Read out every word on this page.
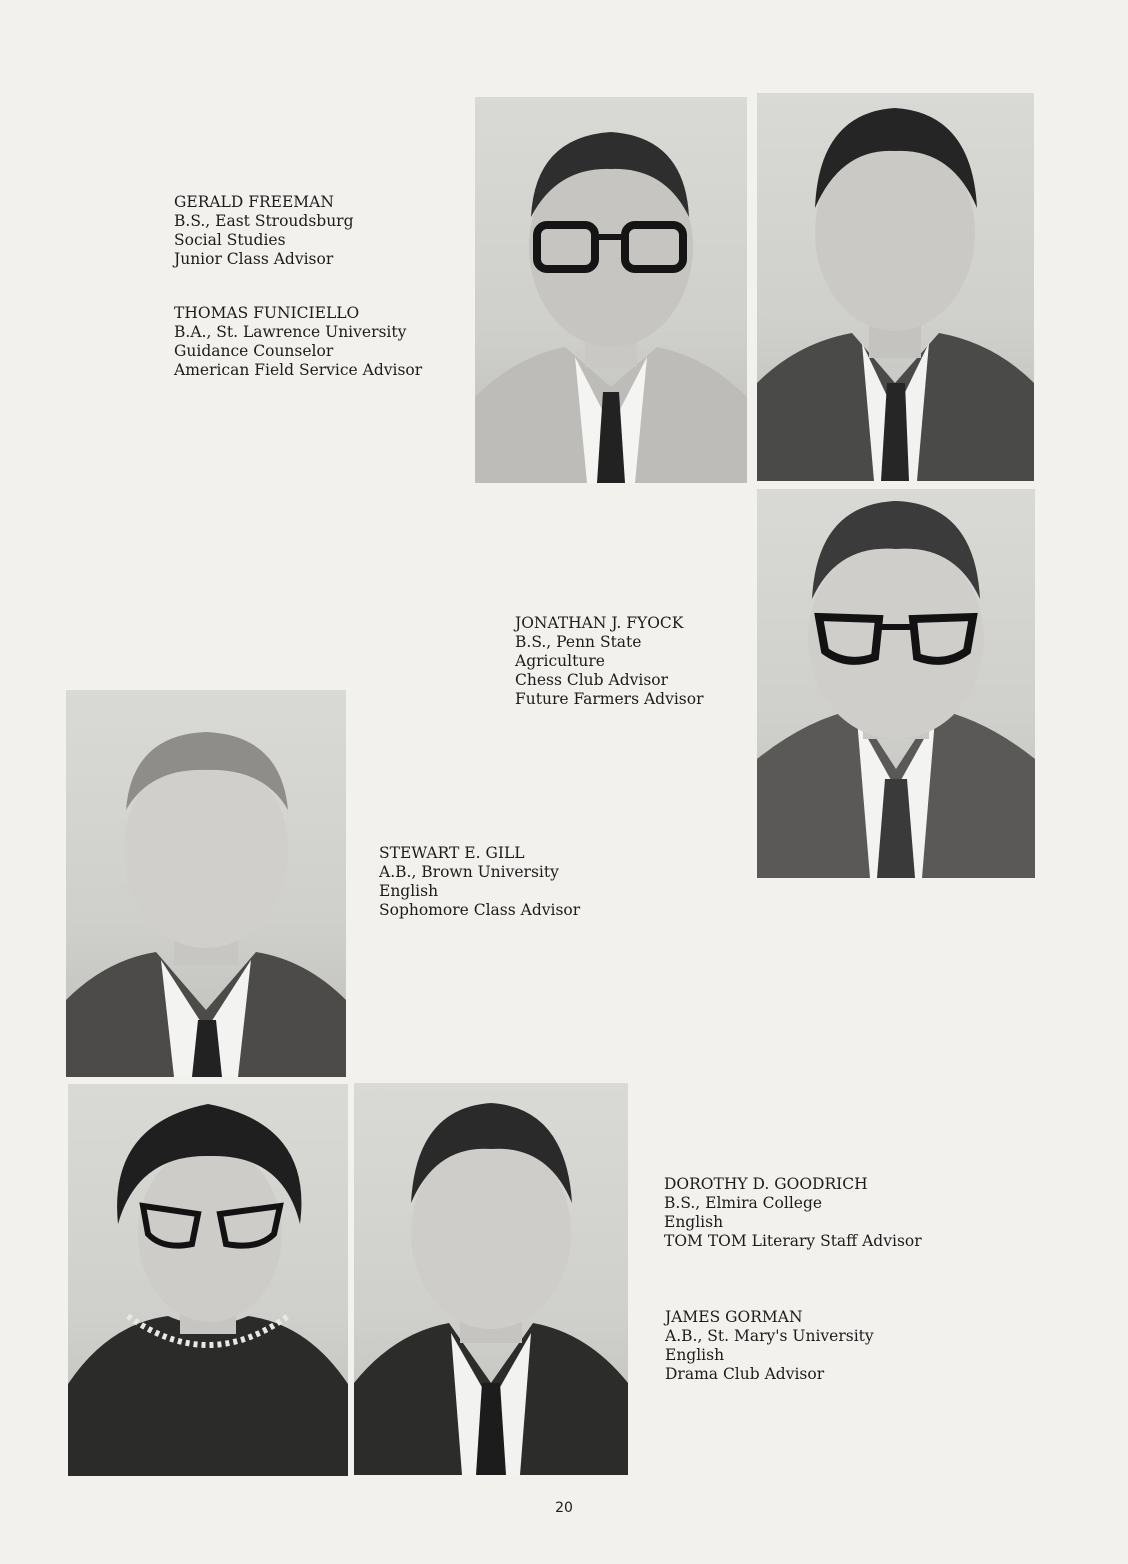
GERALD FREEMAN
B.S., East Stroudsburg
Social Studies
Junior Class Advisor
THOMAS FUNICIELLO
B.A., St. Lawrence University
Guidance Counselor
American Field Service Advisor
JONATHAN J. FYOCK
B.S., Penn State
Agriculture
Chess Club Advisor
Future Farmers Advisor
STEWART E. GILL
A.B., Brown University
English
Sophomore Class Advisor
DOROTHY D. GOODRICH
B.S., Elmira College
English
TOM TOM Literary Staff Advisor
JAMES GORMAN
A.B., St. Mary's University
English
Drama Club Advisor
20
